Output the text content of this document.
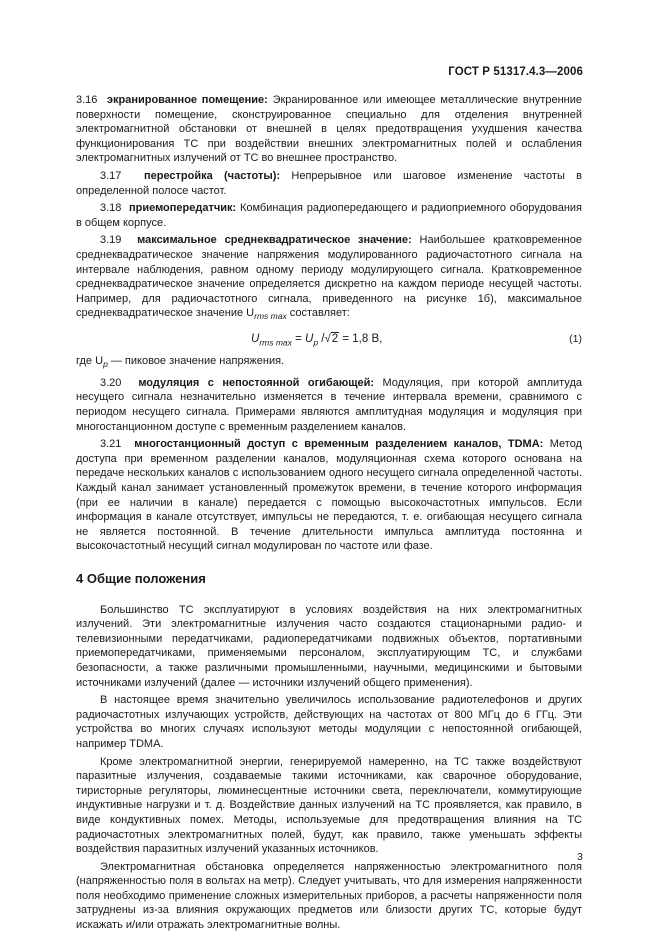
ГОСТ Р 51317.4.3—2006

3.16 экранированное помещение: Экранированное или имеющее металлические внутренние поверхности помещение, сконструированное специально для отделения внутренней электромагнитной обстановки от внешней в целях предотвращения ухудшения качества функционирования ТС при воздействии внешних электромагнитных полей и ослабления электромагнитных излучений от ТС во внешнее пространство.

3.17 перестройка (частоты): Непрерывное или шаговое изменение частоты в определенной полосе частот.

3.18 приемопередатчик: Комбинация радиопередающего и радиоприемного оборудования в общем корпусе.

3.19 максимальное среднеквадратическое значение: Наибольшее кратковременное среднеквадратическое значение напряжения модулированного радиочастотного сигнала на интервале наблюдения, равном одному периоду модулирующего сигнала. Кратковременное среднеквадратическое значение определяется дискретно на каждом периоде несущей частоты. Например, для радиочастотного сигнала, приведенного на рисунке 1б), максимальное среднеквадратическое значение $U_{rms max}$ составляет:

$U_{rms max} = U_p$ /√2 = 1,8 В,	(1)

где $U_p$ — пиковое значение напряжения.

3.20 модуляция с непостоянной огибающей: Модуляция, при которой амплитуда несущего сигнала незначительно изменяется в течение интервала времени, сравнимого с периодом несущего сигнала. Примерами являются амплитудная модуляция и модуляция при многостанционном доступе с временным разделением каналов.

3.21 многостанционный доступ с временным разделением каналов, TDMA: Метод доступа при временном разделении каналов, модуляционная схема которого основана на передаче нескольких каналов с использованием одного несущего сигнала определенной частоты. Каждый канал занимает установленный промежуток времени, в течение которого информация (при ее наличии в канале) передается с помощью высокочастотных импульсов. Если информация в канале отсутствует, импульсы не передаются, т. е. огибающая несущего сигнала не является постоянной. В течение длительности импульса амплитуда постоянна и высокочастотный несущий сигнал модулирован по частоте или фазе.

4 Общие положения

Большинство ТС эксплуатируют в условиях воздействия на них электромагнитных излучений. Эти электромагнитные излучения часто создаются стационарными радио- и телевизионными передатчиками, радиопередатчиками подвижных объектов, портативными приемопередатчиками, применяемыми персоналом, эксплуатирующим ТС, и службами безопасности, а также различными промышленными, научными, медицинскими и бытовыми источниками излучений (далее — источники излучений общего применения).

В настоящее время значительно увеличилось использование радиотелефонов и других радиочастотных излучающих устройств, действующих на частотах от 800 МГц до 6 ГГц. Эти устройства во многих случаях используют методы модуляции с непостоянной огибающей, например TDMA.

Кроме электромагнитной энергии, генерируемой намеренно, на ТС также воздействуют паразитные излучения, создаваемые такими источниками, как сварочное оборудование, тиристорные регуляторы, люминесцентные источники света, переключатели, коммутирующие индуктивные нагрузки и т. д. Воздействие данных излучений на ТС проявляется, как правило, в виде кондуктивных помех. Методы, используемые для предотвращения влияния на ТС радиочастотных электромагнитных полей, будут, как правило, также уменьшать эффекты воздействия паразитных излучений указанных источников.

Электромагнитная обстановка определяется напряженностью электромагнитного поля (напряженностью поля в вольтах на метр). Следует учитывать, что для измерения напряженности поля необходимо применение сложных измерительных приборов, а расчеты напряженности поля затруднены из-за влияния окружающих предметов или близости других ТС, которые будут искажать и/или отражать электромагнитные волны.

3
